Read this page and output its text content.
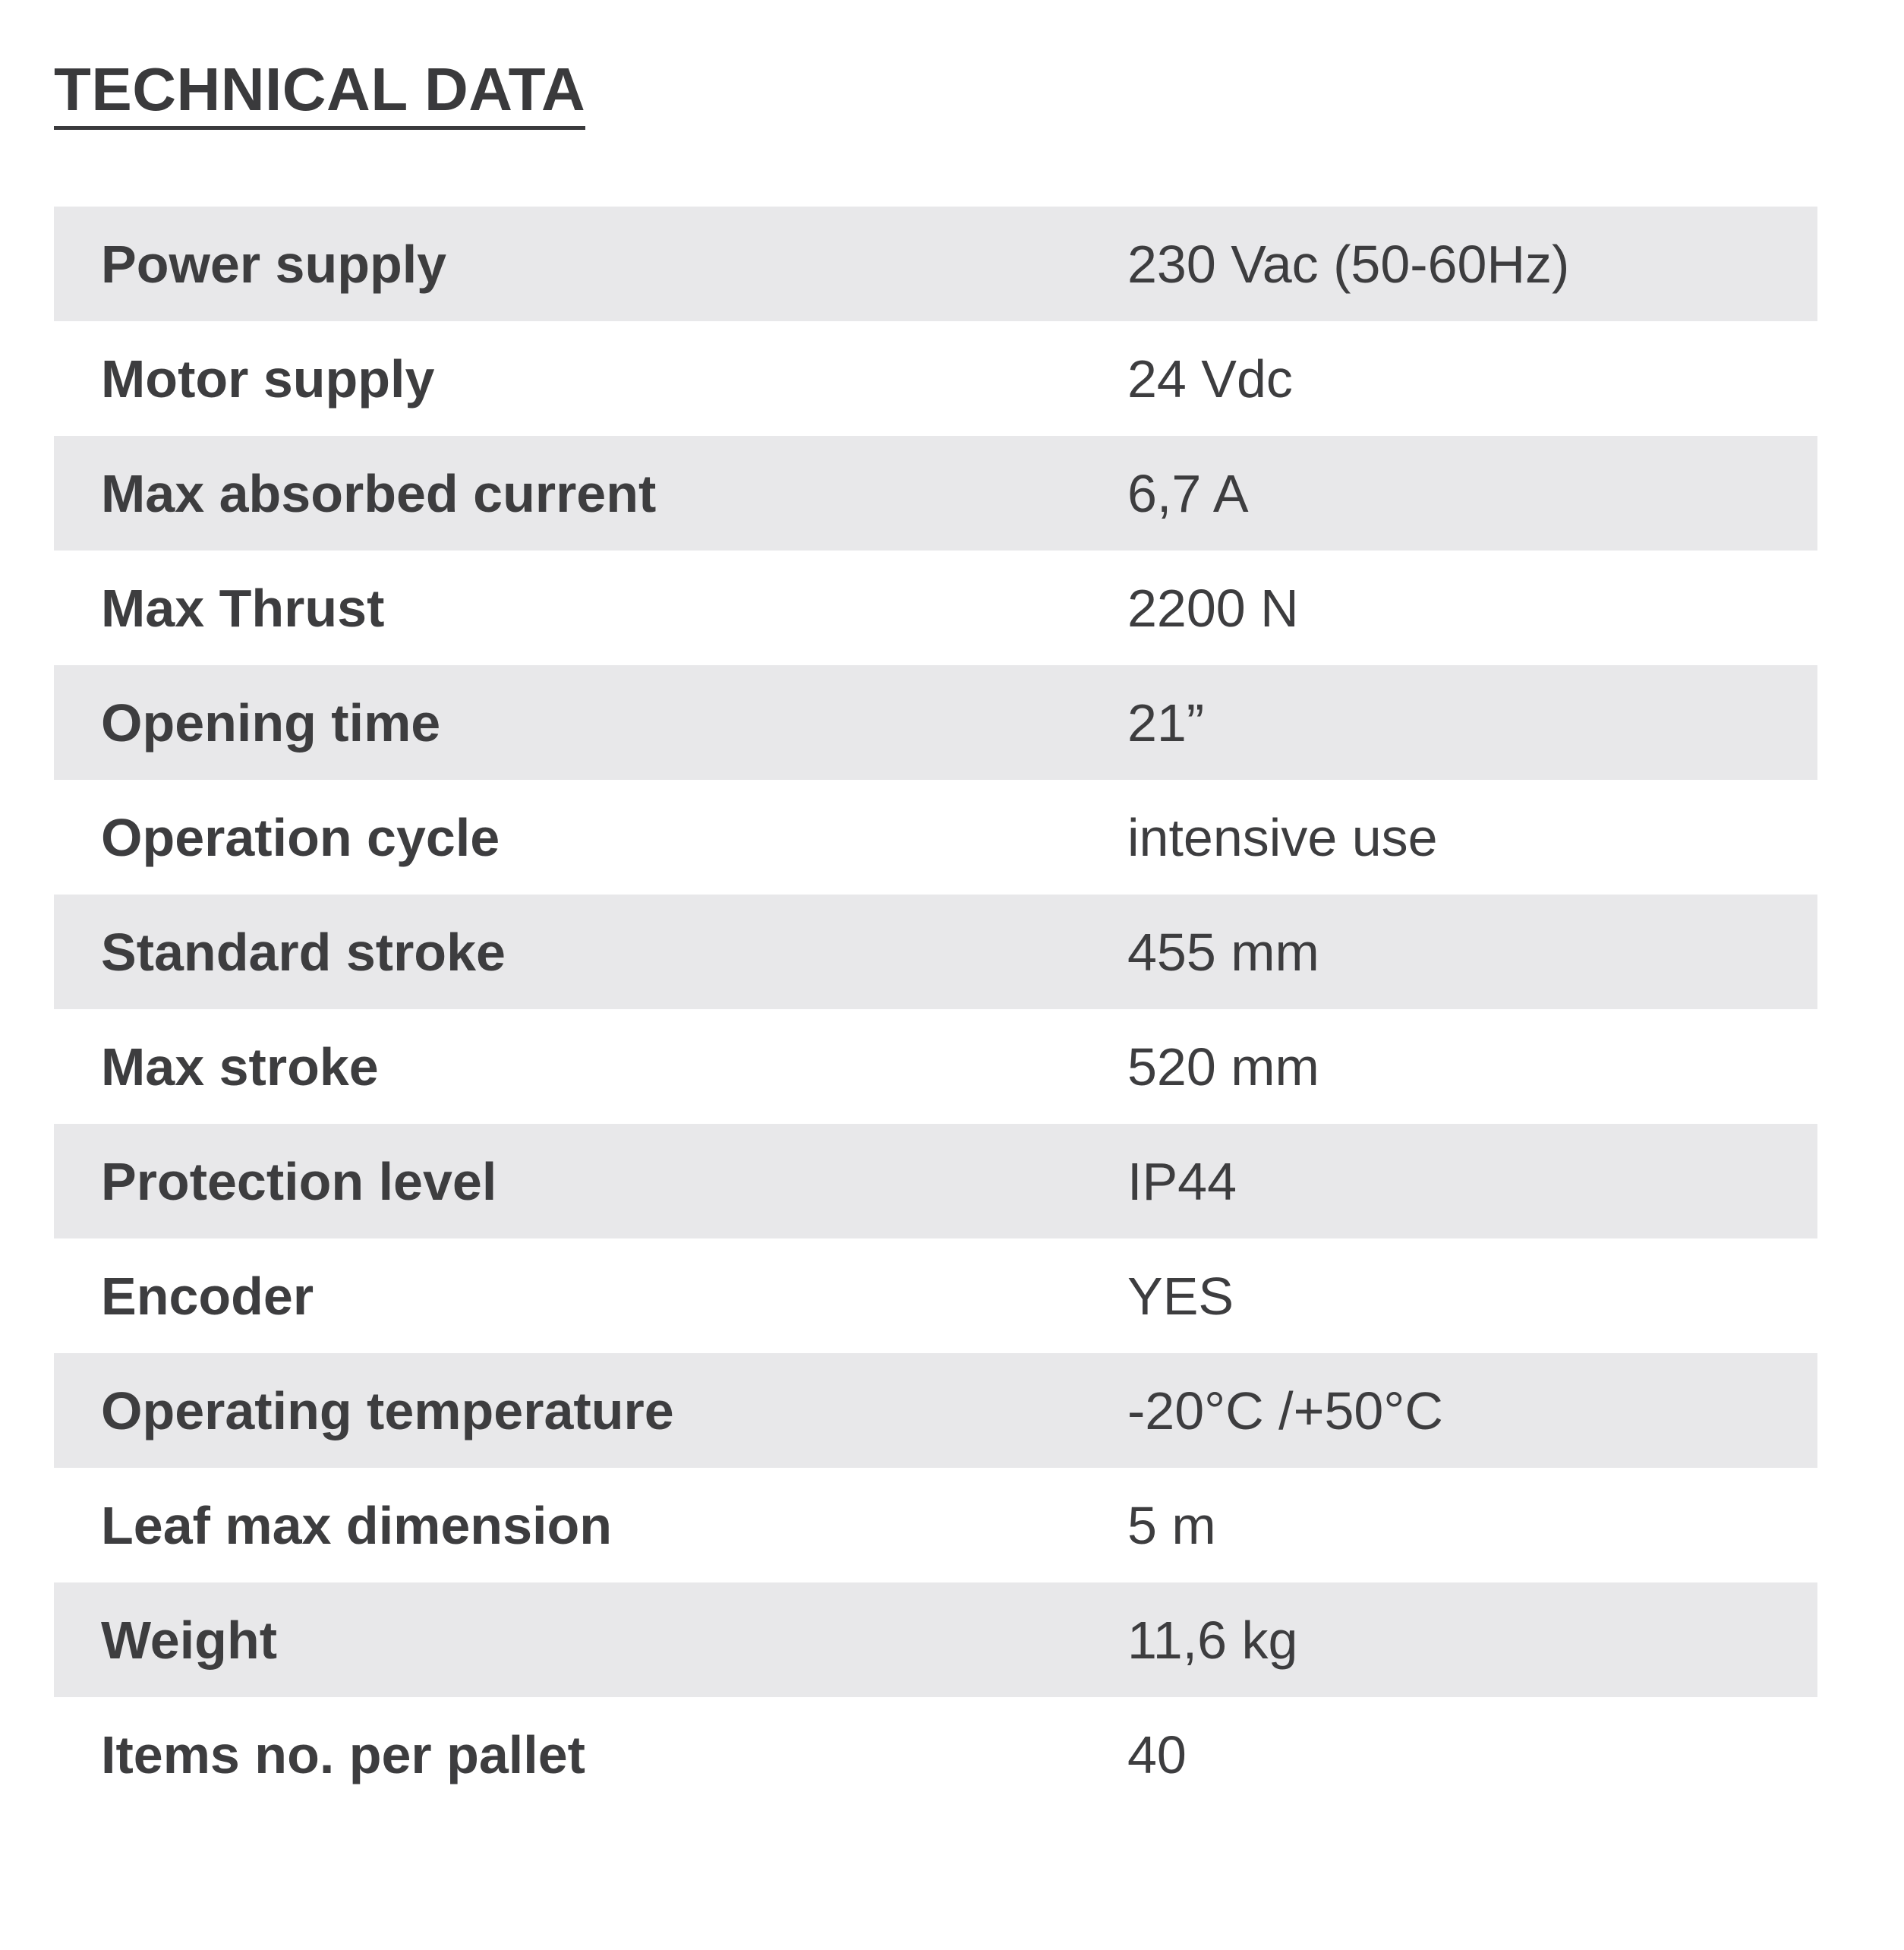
TECHNICAL DATA
Power supply	230 Vac (50-60Hz)
Motor supply	24 Vdc
Max absorbed current	6,7 A
Max Thrust	2200 N
Opening time	21”
Operation cycle	intensive use
Standard stroke	455 mm
Max stroke	520 mm
Protection level	IP44
Encoder	YES
Operating temperature	-20°C /+50°C
Leaf max dimension	5 m
Weight	11,6 kg
Items no. per pallet	40
